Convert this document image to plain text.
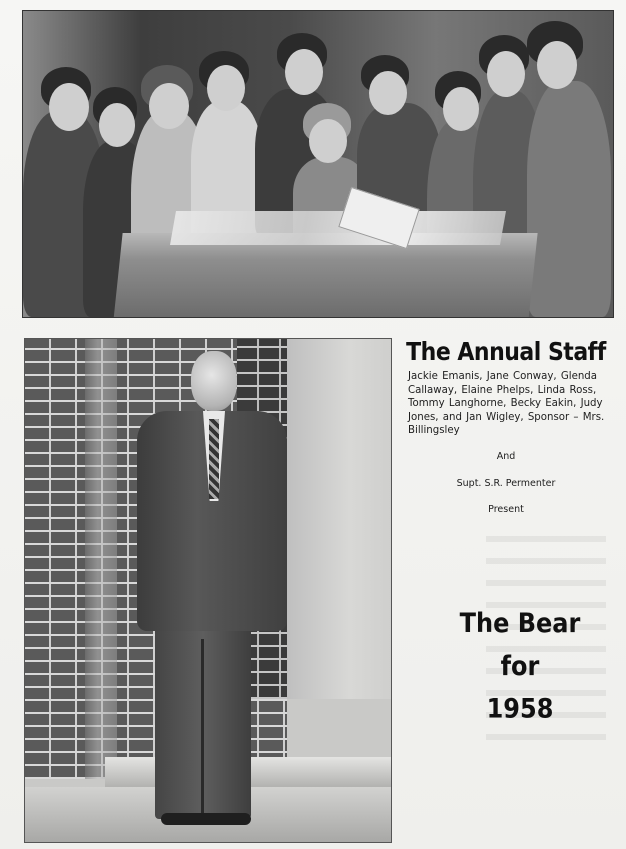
The Annual Staff
Jackie Emanis, Jane Conway, Glenda Callaway, Elaine Phelps, Linda Ross, Tommy Langhorne, Becky Eakin, Judy Jones, and Jan Wigley, Sponsor – Mrs. Billingsley
And
Supt. S.R. Permenter
Present
The Bear
for
1958
